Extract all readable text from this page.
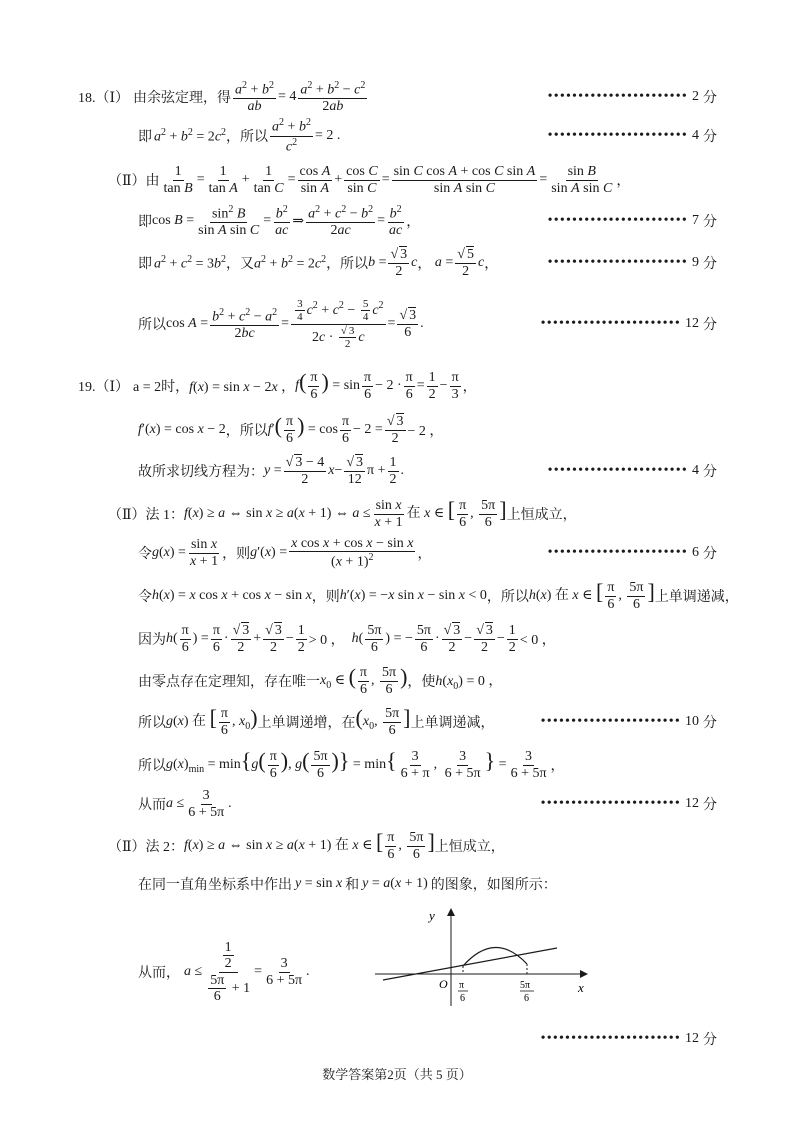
18.（Ⅰ） 由余弦定理，得 $\frac{a^2 + b^2}{ab} = 4 \frac{a^2 + b^2 - c^2}{2ab}$	••••••••••••••••••••••• 2 分
即 $a^2 + b^2 = 2c^2$ ，所以 $\frac{a^2 + b^2}{c^2} = 2$ .	••••••••••••••••••••••• 4 分
（Ⅱ）由 $\frac{1}{\text{tan B}} = \frac{1}{\text{tan A}} + \frac{1}{\text{tan C}} = \frac{\text{cos A}}{\text{sin A}} + \frac{\text{cos C}}{\text{sin C}} = \frac{\text{sin C cos A + cos C sin A}}{\text{sin A sin C}} = \frac{\text{sin B}}{\text{sin A sin C}}$ ，
即 $\cos B = \frac{\sin^2 B}{\text{sin A sin C}} = \frac{b^2}{ac}$ ⇒ $\frac{a^2 + c^2 - b^2}{2ac} = \frac{b^2}{ac}$ ，	••••••••••••••••••••••• 7 分
即 $a^2 + c^2 = 3b^2$ ，又 $a^2 + b^2 = 2c^2$ ，所以 $b = \frac{√ 3}{2}$ c ， $a = \frac{√ 5}{2}$ c ，	••••••••••••••••••••••• 9 分
所以 $\cos A = \frac{b^2 + c^2 - a^2}{2bc} = \frac{\frac{3}{4} c^2 + c^2 - \frac{5}{4} c^2}{2c \cdot \frac{√ 3}{2} c} = \frac{√ 3}{6}$ .	••••••••••••••••••••••• 12 分
19.（Ⅰ） a = 2时， f(x) = sin x − 2x ， $f( \frac{\pi}{6}$ ) = $\sin \frac{\pi}{6} - 2 \cdot \frac{\pi}{6} = \frac{1}{2} - \frac{\pi}{3}$ ，
f′(x) = cos x − 2 ，所以 $f'( \frac{\pi}{6}$ ) = $\cos \frac{\pi}{6} - 2 = \frac{√ 3}{2} - 2$ ，
故所求切线方程为： $y = \frac{√ 3 - 4}{2}$ $x - \frac{√ 3}{12}$ $\pi + \frac{1}{2}$ .	••••••••••••••••••••••• 4 分
（Ⅱ）法 1： f(x) ≥ a ⇔ sin x ≥ a(x + 1) ⇔ $a \le \frac{\text{sin x}}{x + 1}$ 在 x ∈ [ $\frac{\pi}{6}$ , $\frac{5\pi}{6}$ ] 上恒成立，
令 $g(x) = \frac{\text{sin x}}{x + 1}$ ，则 $g'(x) = \frac{\text{x cos x + cos x − sin x}}{(x + 1)^2}$ ，	••••••••••••••••••••••• 6 分
令 h(x) = x cos x + cos x − sin x ，则 h′(x) = −x sin x − sin x < 0 ，所以 h(x) 在 x ∈ [ $\frac{\pi}{6}$ , $\frac{5\pi}{6}$ ] 上单调递减，
因为 $h( \frac{\pi}{6}$ ) = $\frac{\pi}{6} \cdot \frac{√ 3}{2} + \frac{√ 3}{2} - \frac{1}{2} > 0$ ， $h( \frac{5\pi}{6}$ ) = − $\frac{5\pi}{6} \cdot \frac{√ 3}{2} - \frac{√ 3}{2} - \frac{1}{2} < 0$ ，
由零点存在定理知，存在唯一 $x_0$ ∈ ( $\frac{\pi}{6}$ , $\frac{5\pi}{6}$ ) ，使 $h(x_0) = 0$ ，
所以 g(x) 在 [ $\frac{\pi}{6}$ , $x_0$) 上单调递增，在 ($x_0$, $\frac{5\pi}{6}$ ] 上单调递减，	••••••••••••••••••••••• 10 分
所以 $g(x)_{min} = \min\{g( \frac{\pi}{6}$ ), $g( \frac{5\pi}{6}$ )} = $\min\{ \frac{3}{6 + \pi}$ , $\frac{3}{6 + 5\pi}$ } = $\frac{3}{6 + 5\pi}$ ，
从而 $a \le \frac{3}{6 + 5\pi}$ .	••••••••••••••••••••••• 12 分
（Ⅱ）法 2： f(x) ≥ a ⇔ sin x ≥ a(x + 1) 在 x ∈ [ $\frac{\pi}{6}$ , $\frac{5\pi}{6}$ ] 上恒成立，
在同一直角坐标系中作出 y = sin x 和 y = a(x + 1) 的图象，如图所示：
从而， $a \le \frac{\frac{1}{2}}{\frac{5\pi}{6} + 1} = \frac{3}{6 + 5\pi}$ .
y
x
O π
6
5π
6
••••••••••••••••••••••• 12 分
数学答案第2页（共 5 页）
